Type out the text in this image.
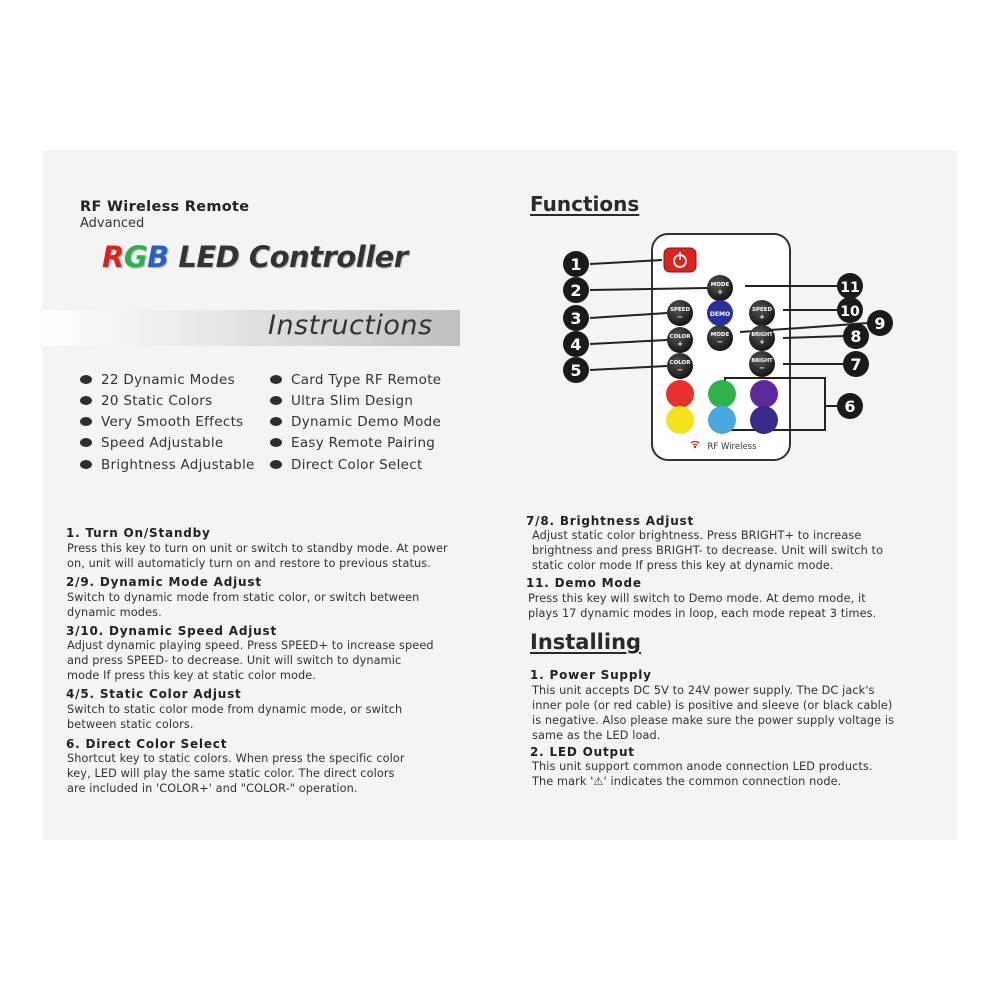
RF Wireless Remote
Advanced
RGB LED Controller
Instructions
22 Dynamic Modes
20 Static Colors
Very Smooth Effects
Speed Adjustable
Brightness Adjustable
Card Type RF Remote
Ultra Slim Design
Dynamic Demo Mode
Easy Remote Pairing
Direct Color Select
Functions
1
2
3
4
5
6
7
8
9
10
11
MODE
+
SPEED
−	DEMO
SPEED
+
COLOR
+
MODE
−
BRIGHT
+
COLOR
−
BRIGHT
−
RF Wireless
1. Turn On/Standby
Press this key to turn on unit or switch to standby mode. At power
on, unit will automaticly turn on and restore to previous status.
2/9. Dynamic Mode Adjust
Switch to dynamic mode from static color, or switch between
dynamic modes.
3/10. Dynamic Speed Adjust
Adjust dynamic playing speed. Press SPEED+ to increase speed
and press SPEED- to decrease. Unit will switch to dynamic
mode If press this key at static color mode.
4/5. Static Color Adjust
Switch to static color mode from dynamic mode, or switch
between static colors.
6. Direct Color Select
Shortcut key to static colors. When press the specific color
key, LED will play the same static color. The direct colors
are included in 'COLOR+' and "COLOR-" operation.
7/8. Brightness Adjust
Adjust static color brightness. Press BRIGHT+ to increase
brightness and press BRIGHT- to decrease. Unit will switch to
static color mode If press this key at dynamic mode.
11. Demo Mode
Press this key will switch to Demo mode. At demo mode, it
plays 17 dynamic modes in loop, each mode repeat 3 times.
Installing
1. Power Supply
This unit accepts DC 5V to 24V power supply. The DC jack's
inner pole (or red cable) is positive and sleeve (or black cable)
is negative. Also please make sure the power supply voltage is
same as the LED load.
2. LED Output
This unit support common anode connection LED products.
The mark '⚠' indicates the common connection node.
